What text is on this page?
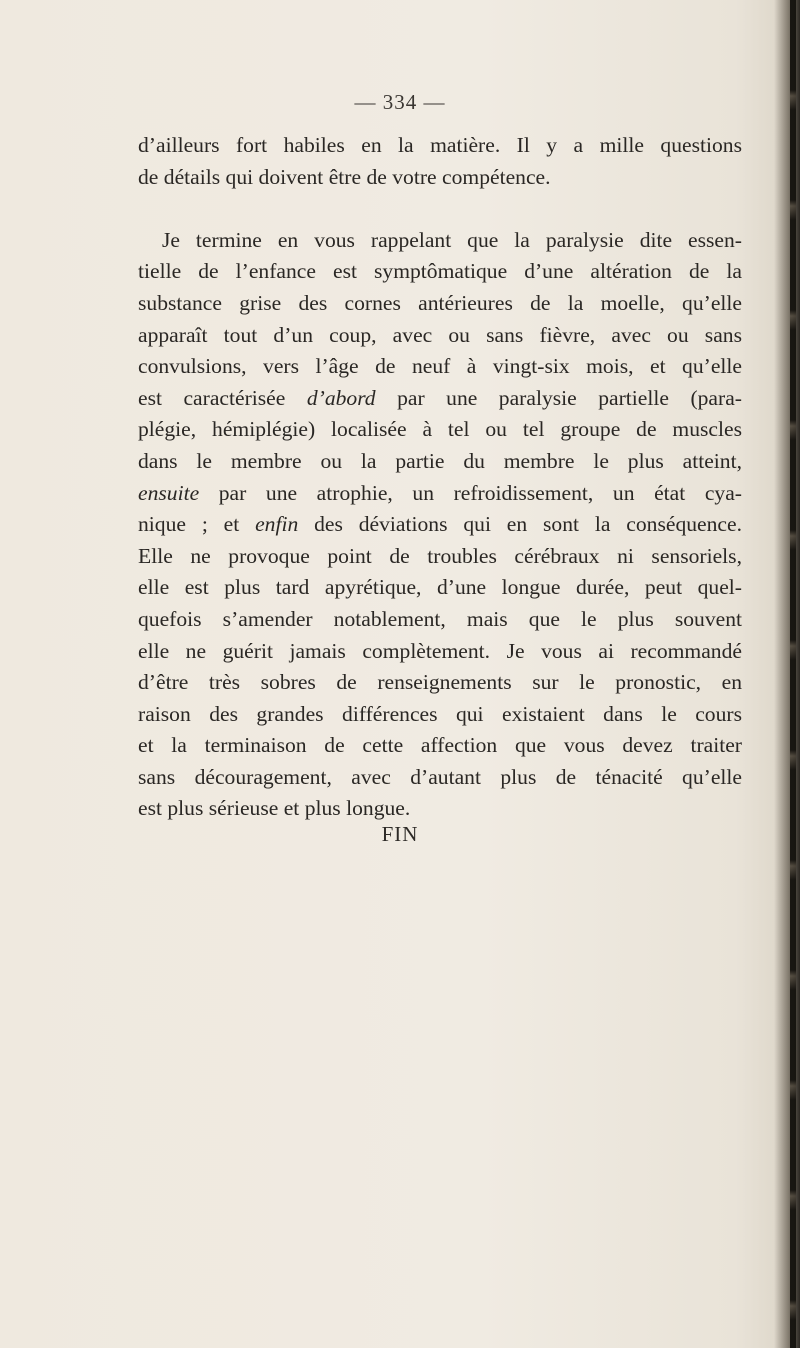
— 334 —
d’ailleurs fort habiles en la matière. Il y a mille questions
de détails qui doivent être de votre compétence.
Je termine en vous rappelant que la paralysie dite essen-
tielle de l’enfance est symptômatique d’une altération de la
substance grise des cornes antérieures de la moelle, qu’elle
apparaît tout d’un coup, avec ou sans fièvre, avec ou sans
convulsions, vers l’âge de neuf à vingt-six mois, et qu’elle
est caractérisée d’abord par une paralysie partielle (para-
plégie, hémiplégie) localisée à tel ou tel groupe de muscles
dans le membre ou la partie du membre le plus atteint,
ensuite par une atrophie, un refroidissement, un état cya-
nique ; et enfin des déviations qui en sont la conséquence.
Elle ne provoque point de troubles cérébraux ni sensoriels,
elle est plus tard apyrétique, d’une longue durée, peut quel-
quefois s’amender notablement, mais que le plus souvent
elle ne guérit jamais complètement. Je vous ai recommandé
d’être très sobres de renseignements sur le pronostic, en
raison des grandes différences qui existaient dans le cours
et la terminaison de cette affection que vous devez traiter
sans découragement, avec d’autant plus de ténacité qu’elle
est plus sérieuse et plus longue.
FIN
